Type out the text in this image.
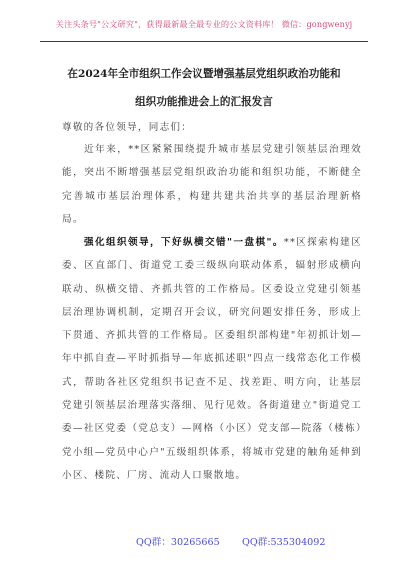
关注头条号"公文研究"，获得最新最全最专业的公文资料库！ 微信：gongwenyj
在2024年全市组织工作会议暨增强基层党组织政治功能和
组织功能推进会上的汇报发言
尊敬的各位领导，同志们：
近年来，**区紧紧围绕提升城市基层党建引领基层治理效能，突出不断增强基层党组织政治功能和组织功能，不断健全完善城市基层治理体系，构建共建共治共享的基层治理新格局。
强化组织领导，下好纵横交错"一盘棋"。**区探索构建区委、区直部门、街道党工委三级纵向联动体系，辐射形成横向联动、纵横交错、齐抓共管的工作格局。区委设立党建引领基层治理协调机制，定期召开会议，研究问题安排任务，形成上下贯通、齐抓共管的工作格局。区委组织部构建"年初抓计划—年中抓自查—平时抓指导—年底抓述职"四点一线常态化工作模式，帮助各社区党组织书记查不足、找差距、明方向，让基层党建引领基层治理落实落细、见行见效。各街道建立"街道党工委—社区党委（党总支）—网格（小区）党支部—院落（楼栋）党小组—党员中心户"五级组织体系，将城市党建的触角延伸到小区、楼院、厂房、流动人口聚散地。
QQ群：30265665 QQ群:535304092
